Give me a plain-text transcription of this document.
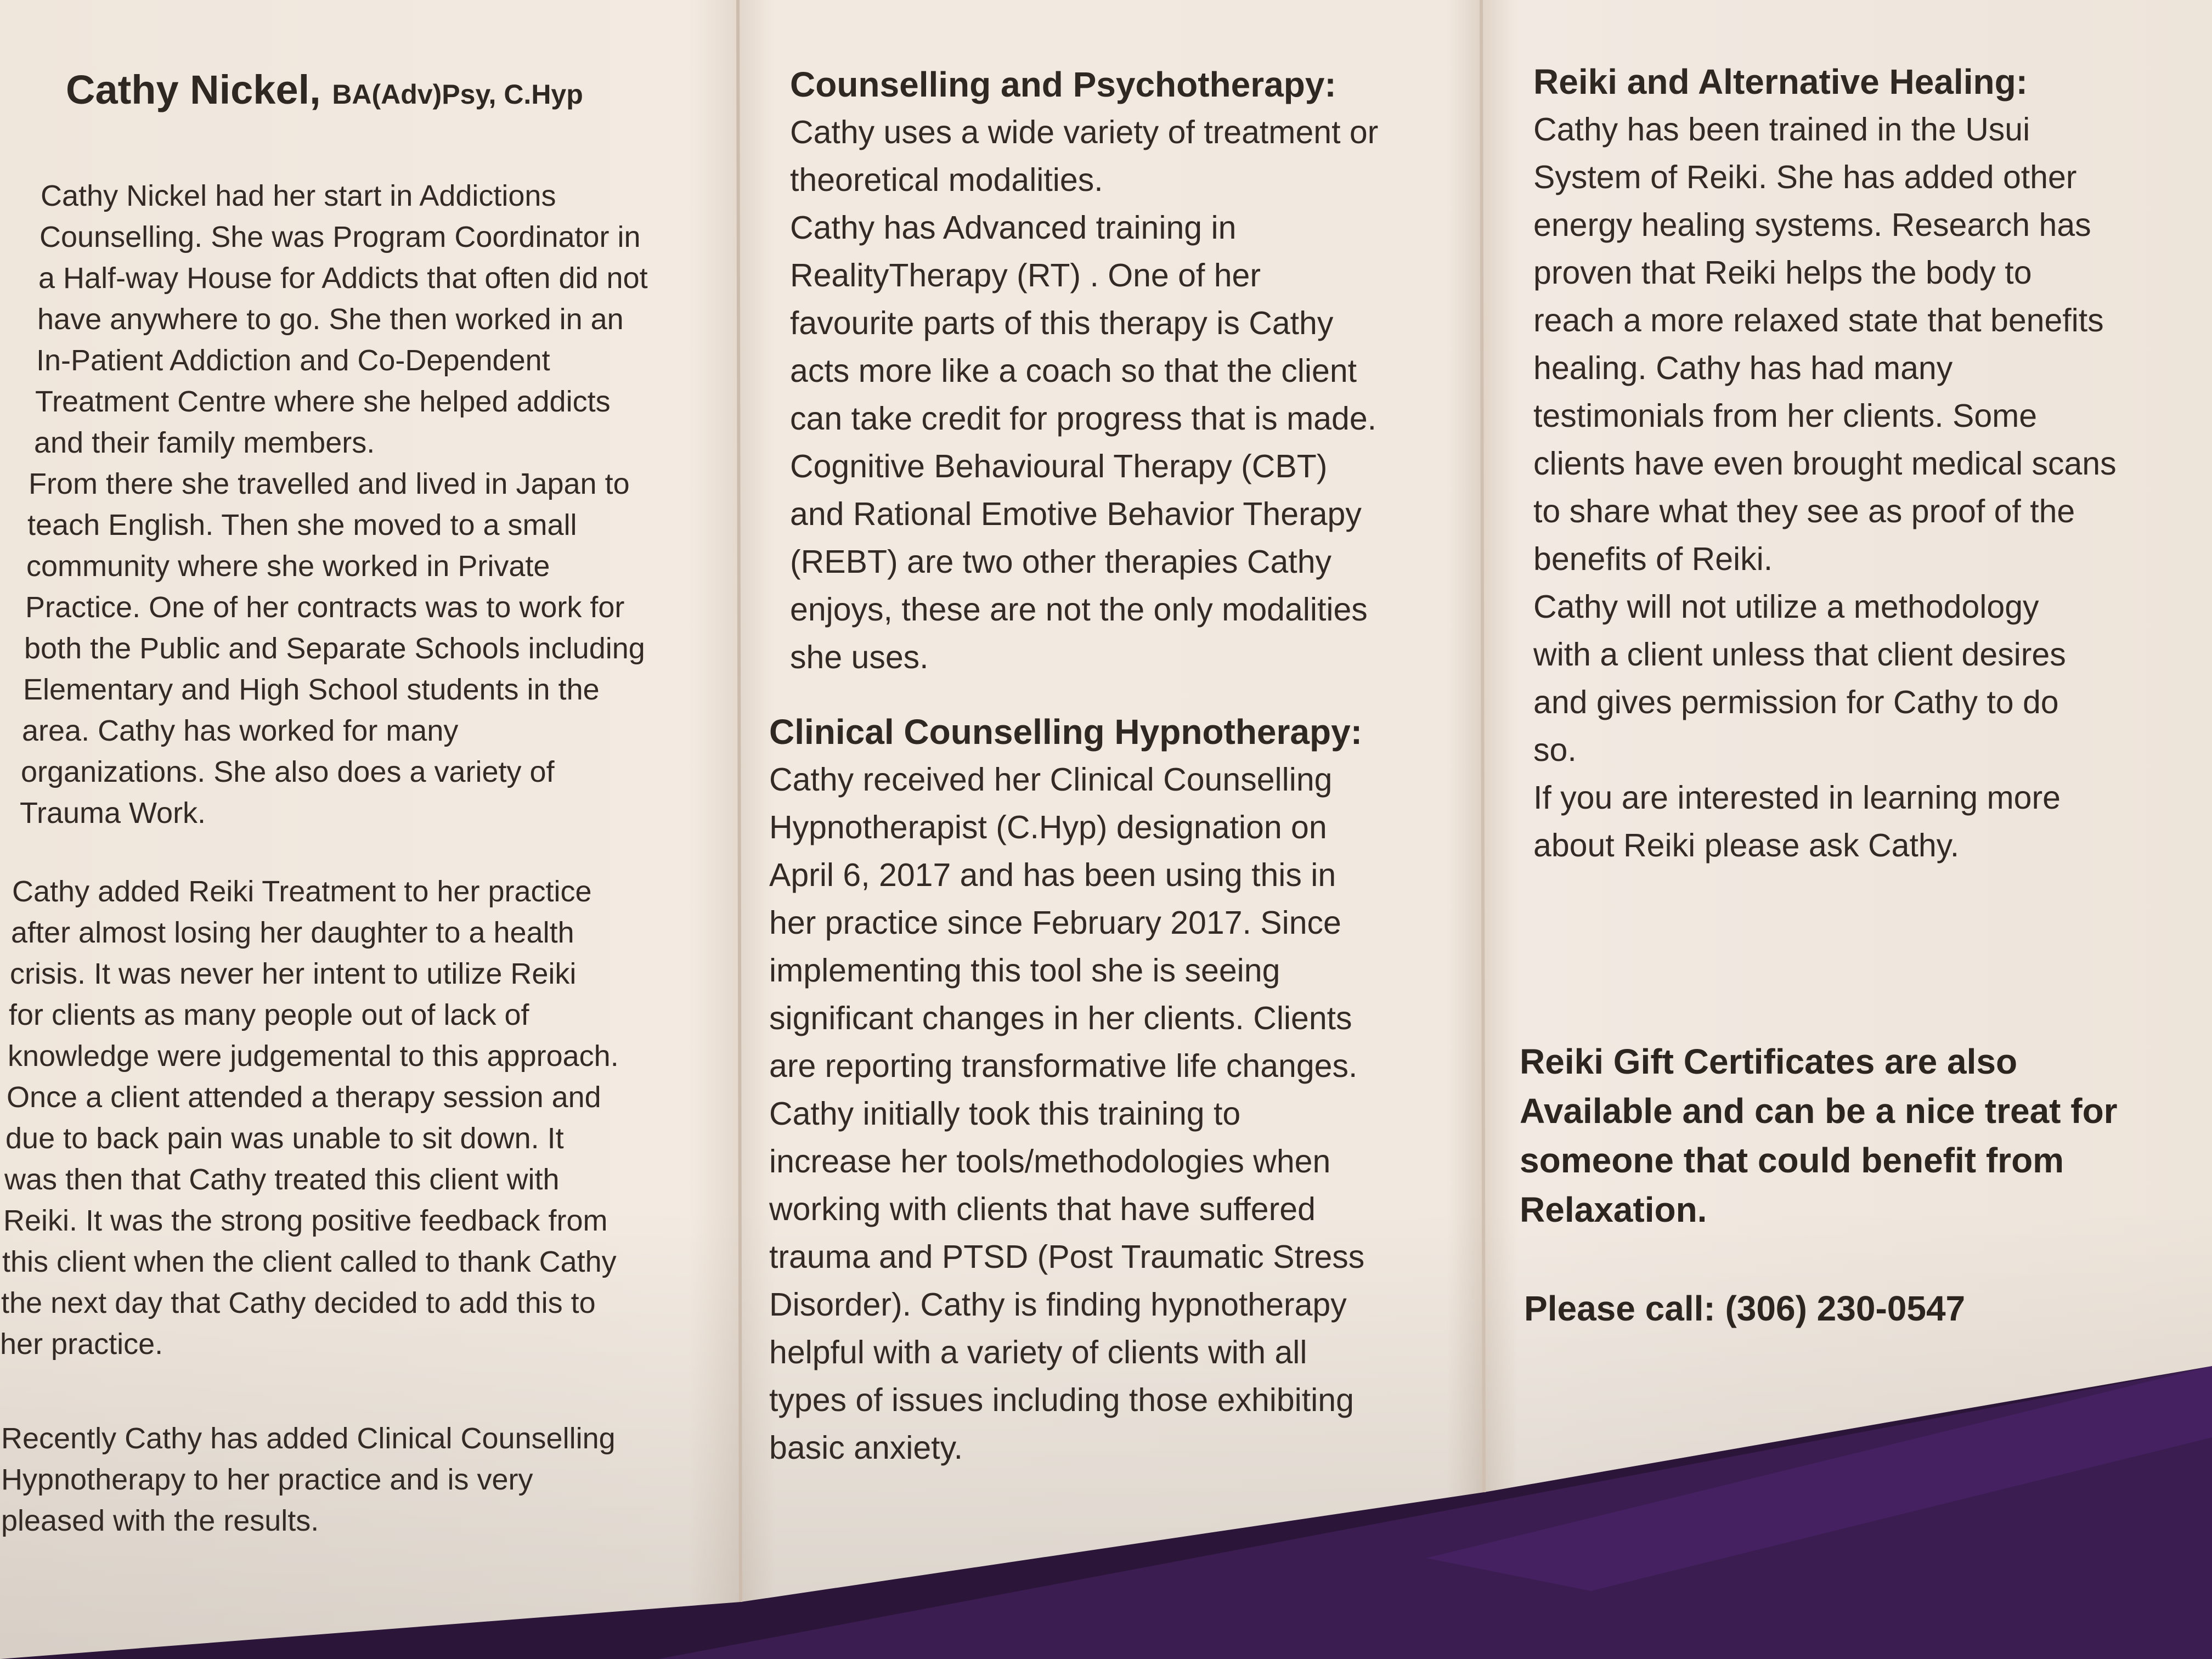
Cathy Nickel, BA(Adv)Psy, C.Hyp

Cathy Nickel had her start in Addictions

Counselling. She was Program Coordinator in

a Half-way House for Addicts that often did not

have anywhere to go. She then worked in an

In-Patient Addiction and Co-Dependent

Treatment Centre where she helped addicts

and their family members.

From there she travelled and lived in Japan to

teach English. Then she moved to a small

community where she worked in Private

Practice. One of her contracts was to work for

both the Public and Separate Schools including

Elementary and High School students in the

area. Cathy has worked for many

organizations. She also does a variety of

Trauma Work.

Cathy added Reiki Treatment to her practice

after almost losing her daughter to a health

crisis. It was never her intent to utilize Reiki

for clients as many people out of lack of

knowledge were judgemental to this approach.

Once a client attended a therapy session and

due to back pain was unable to sit down. It

was then that Cathy treated this client with

Reiki. It was the strong positive feedback from

this client when the client called to thank Cathy

the next day that Cathy decided to add this to

her practice.

Recently Cathy has added Clinical Counselling

Hypnotherapy to her practice and is very

pleased with the results.

Counselling and Psychotherapy:

Cathy uses a wide variety of treatment or

theoretical modalities.

Cathy has Advanced training in

RealityTherapy (RT) . One of her

favourite parts of this therapy is Cathy

acts more like a coach so that the client

can take credit for progress that is made.

Cognitive Behavioural Therapy (CBT)

and Rational Emotive Behavior Therapy

(REBT) are two other therapies Cathy

enjoys, these are not the only modalities

she uses.

Clinical Counselling Hypnotherapy:

Cathy received her Clinical Counselling

Hypnotherapist (C.Hyp) designation on

April 6, 2017 and has been using this in

her practice since February 2017. Since

implementing this tool she is seeing

significant changes in her clients. Clients

are reporting transformative life changes.

Cathy initially took this training to

increase her tools/methodologies when

working with clients that have suffered

trauma and PTSD (Post Traumatic Stress

Disorder). Cathy is finding hypnotherapy

helpful with a variety of clients with all

types of issues including those exhibiting

basic anxiety.

Reiki and Alternative Healing:

Cathy has been trained in the Usui

System of Reiki. She has added other

energy healing systems. Research has

proven that Reiki helps the body to

reach a more relaxed state that benefits

healing. Cathy has had many

testimonials from her clients. Some

clients have even brought medical scans

to share what they see as proof of the

benefits of Reiki.

Cathy will not utilize a methodology

with a client unless that client desires

and gives permission for Cathy to do

so.

If you are interested in learning more

about Reiki please ask Cathy.

Reiki Gift Certificates are also

Available and can be a nice treat for

someone that could benefit from

Relaxation.

Please call: (306) 230-0547
